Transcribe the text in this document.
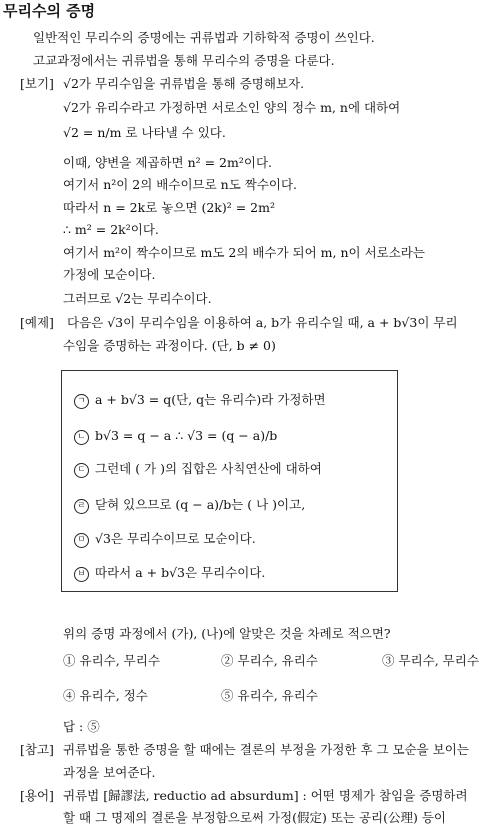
무리수의 증명
일반적인 무리수의 증명에는 귀류법과 기하학적 증명이 쓰인다.
고교과정에서는 귀류법을 통해 무리수의 증명을 다룬다.
[보기] √2가 무리수임을 귀류법을 통해 증명해보자.
√2가 유리수라고 가정하면 서로소인 양의 정수 m, n에 대하여
√2 = n/m 로 나타낼 수 있다.
이때, 양변을 제곱하면 n² = 2m²이다.
여기서 n²이 2의 배수이므로 n도 짝수이다.
따라서 n = 2k로 놓으면 (2k)² = 2m²
∴ m² = 2k²이다.
여기서 m²이 짝수이므로 m도 2의 배수가 되어 m, n이 서로소라는
가정에 모순이다.
그러므로 √2는 무리수이다.
[예제] 다음은 √3이 무리수임을 이용하여 a, b가 유리수일 때, a + b√3이 무리
수임을 증명하는 과정이다. (단, b ≠ 0)
ㄱ a + b√3 = q(단, q는 유리수)라 가정하면
ㄴ b√3 = q − a ∴ √3 = (q − a)/b
ㄷ 그런데 ( 가 )의 집합은 사칙연산에 대하여
ㄹ 닫혀 있으므로 (q − a)/b는 ( 나 )이고,
ㅁ √3은 무리수이므로 모순이다.
ㅂ 따라서 a + b√3은 무리수이다.
위의 증명 과정에서 (가), (나)에 알맞은 것을 차례로 적으면?
① 유리수, 무리수	② 무리수, 유리수	③ 무리수, 무리수
④ 유리수, 정수	⑤ 유리수, 유리수
답 : ⑤
[참고] 귀류법을 통한 증명을 할 때에는 결론의 부정을 가정한 후 그 모순을 보이는
과정을 보여준다.
[용어] 귀류법 [歸謬法, reductio ad absurdum] : 어떤 명제가 참임을 증명하려
할 때 그 명제의 결론을 부정함으로써 가정(假定) 또는 공리(公理) 등이
